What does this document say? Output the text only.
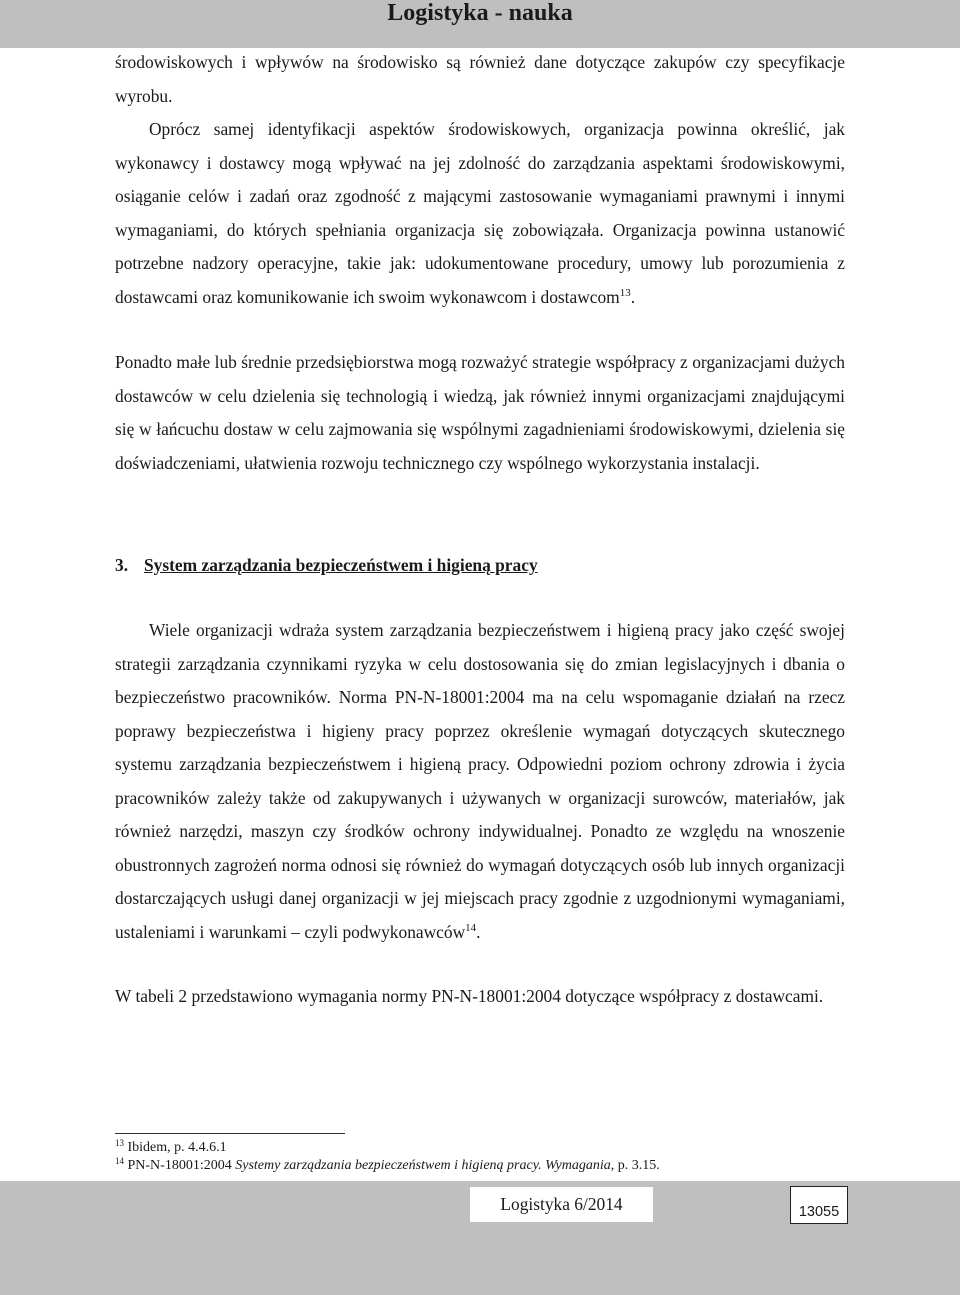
Logistyka - nauka

środowiskowych i wpływów na środowisko są również dane dotyczące zakupów czy specyfikacje wyrobu.

Oprócz samej identyfikacji aspektów środowiskowych, organizacja powinna określić, jak wykonawcy i dostawcy mogą wpływać na jej zdolność do zarządzania aspektami środowiskowymi, osiąganie celów i zadań oraz zgodność z mającymi zastosowanie wymaganiami prawnymi i innymi wymaganiami, do których spełniania organizacja się zobowiązała. Organizacja powinna ustanowić potrzebne nadzory operacyjne, takie jak: udokumentowane procedury, umowy lub porozumienia z dostawcami oraz komunikowanie ich swoim wykonawcom i dostawcom$^{13}$.

Ponadto małe lub średnie przedsiębiorstwa mogą rozważyć strategie współpracy z organizacjami dużych dostawców w celu dzielenia się technologią i wiedzą, jak również innymi organizacjami znajdującymi się w łańcuchu dostaw w celu zajmowania się wspólnymi zagadnieniami środowiskowymi, dzielenia się doświadczeniami, ułatwienia rozwoju technicznego czy wspólnego wykorzystania instalacji.

3. System zarządzania bezpieczeństwem i higieną pracy

Wiele organizacji wdraża system zarządzania bezpieczeństwem i higieną pracy jako część swojej strategii zarządzania czynnikami ryzyka w celu dostosowania się do zmian legislacyjnych i dbania o bezpieczeństwo pracowników. Norma PN-N-18001:2004 ma na celu wspomaganie działań na rzecz poprawy bezpieczeństwa i higieny pracy poprzez określenie wymagań dotyczących skutecznego systemu zarządzania bezpieczeństwem i higieną pracy. Odpowiedni poziom ochrony zdrowia i życia pracowników zależy także od zakupywanych i używanych w organizacji surowców, materiałów, jak również narzędzi, maszyn czy środków ochrony indywidualnej. Ponadto ze względu na wnoszenie obustronnych zagrożeń norma odnosi się również do wymagań dotyczących osób lub innych organizacji dostarczających usługi danej organizacji w jej miejscach pracy zgodnie z uzgodnionymi wymaganiami, ustaleniami i warunkami – czyli podwykonawców$^{14}$.

W tabeli 2 przedstawiono wymagania normy PN-N-18001:2004 dotyczące współpracy z dostawcami.

$^{13}$ Ibidem, p. 4.4.6.1
$^{14}$ PN-N-18001:2004 Systemy zarządzania bezpieczeństwem i higieną pracy. Wymagania, p. 3.15.
Logistyka 6/2014	13055
